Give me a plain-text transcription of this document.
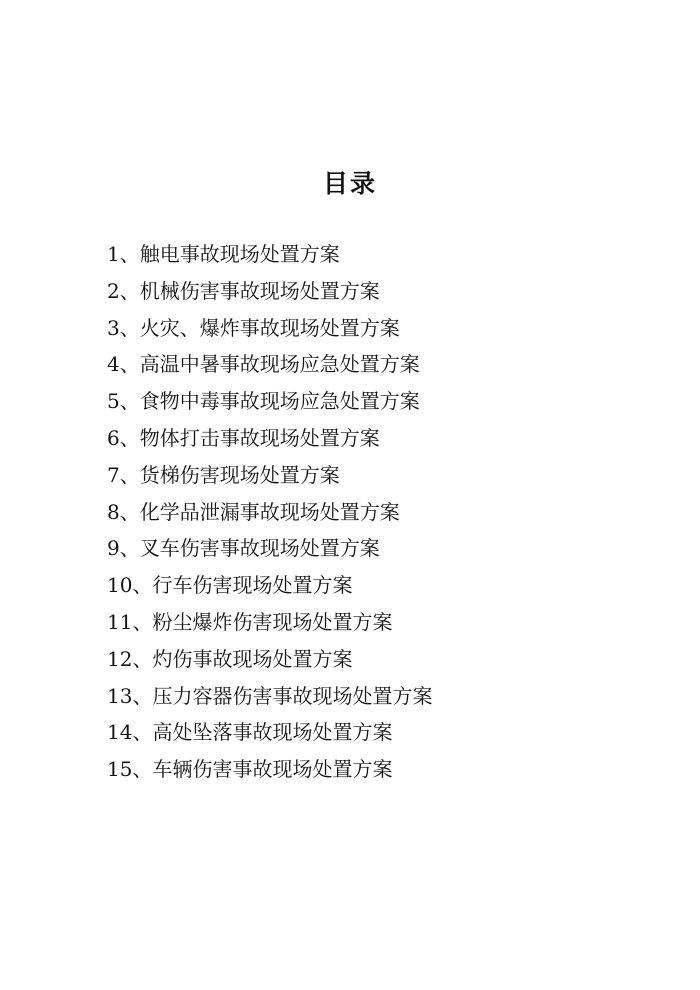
目录
1、触电事故现场处置方案
2、机械伤害事故现场处置方案
3、火灾、爆炸事故现场处置方案
4、高温中暑事故现场应急处置方案
5、食物中毒事故现场应急处置方案
6、物体打击事故现场处置方案
7、货梯伤害现场处置方案
8、化学品泄漏事故现场处置方案
9、叉车伤害事故现场处置方案
10、行车伤害现场处置方案
11、粉尘爆炸伤害现场处置方案
12、灼伤事故现场处置方案
13、压力容器伤害事故现场处置方案
14、高处坠落事故现场处置方案
15、车辆伤害事故现场处置方案
